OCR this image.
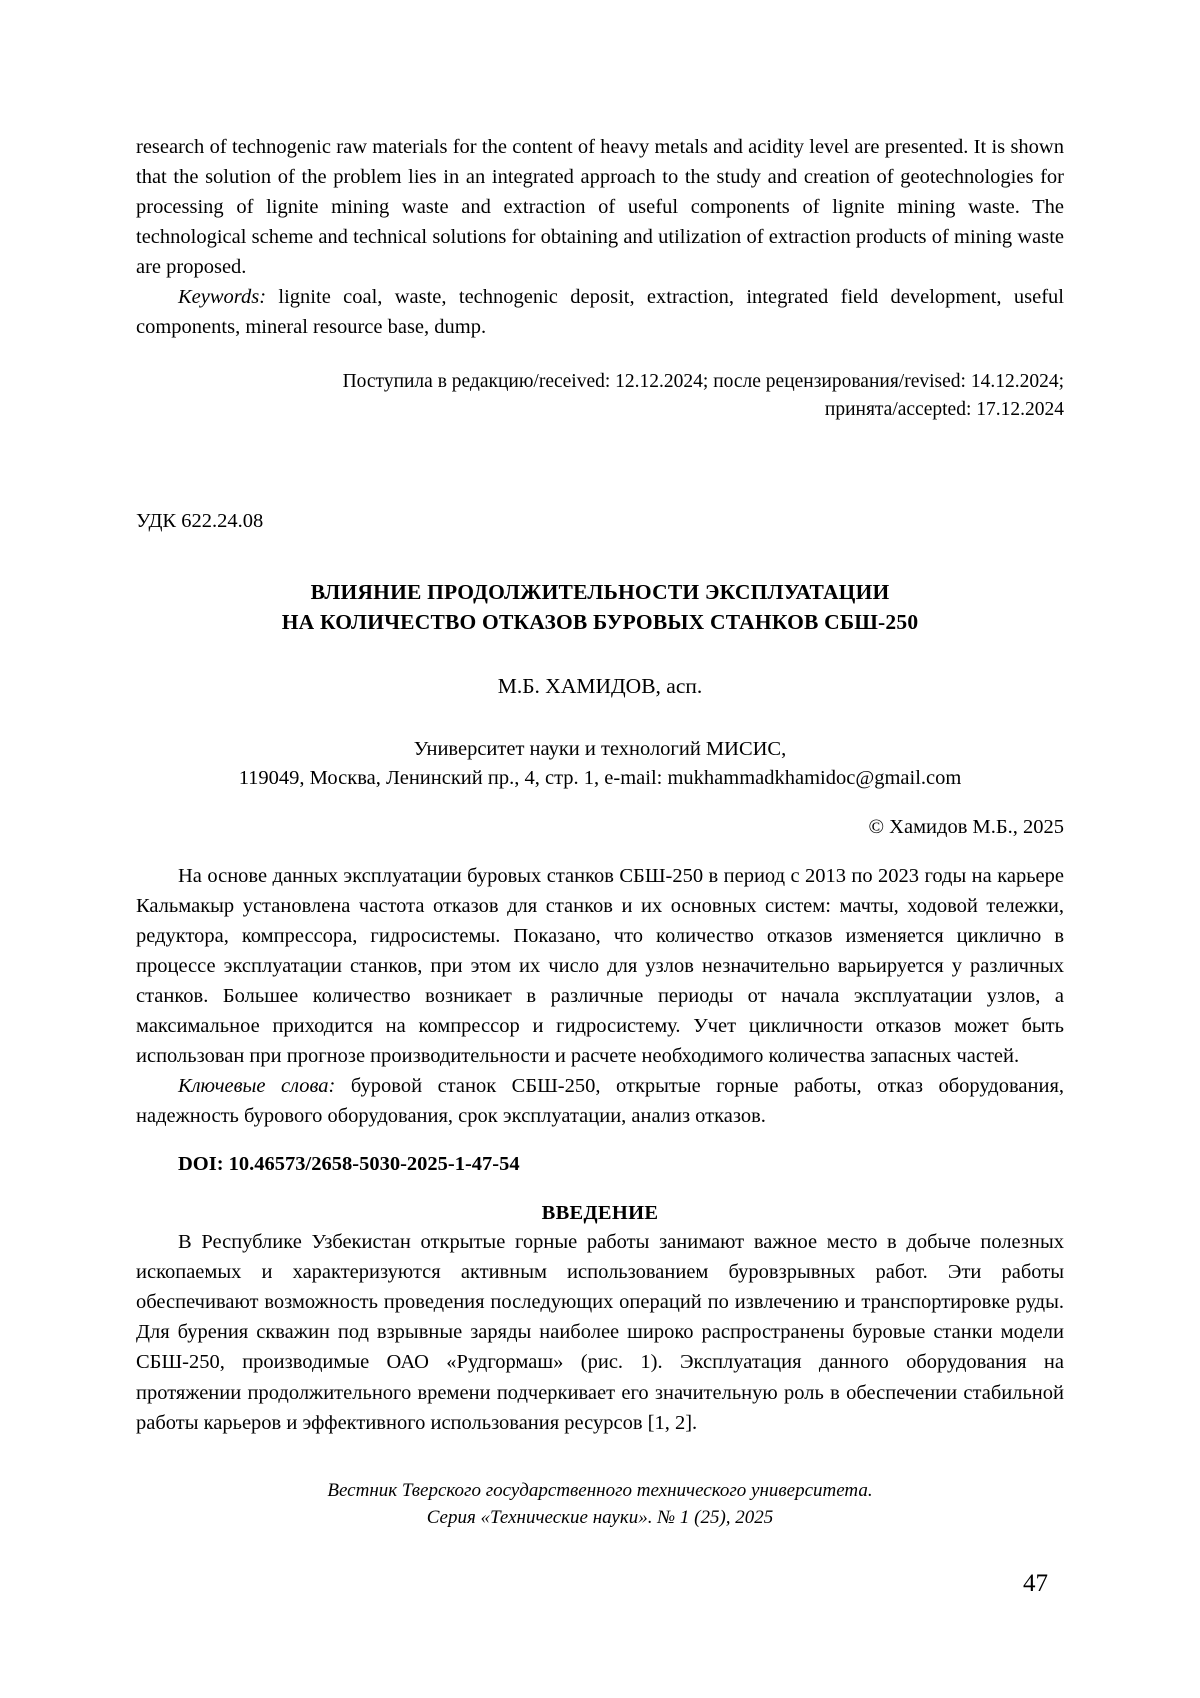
research of technogenic raw materials for the content of heavy metals and acidity level are presented. It is shown that the solution of the problem lies in an integrated approach to the study and creation of geotechnologies for processing of lignite mining waste and extraction of useful components of lignite mining waste. The technological scheme and technical solutions for obtaining and utilization of extraction products of mining waste are proposed.

Keywords: lignite coal, waste, technogenic deposit, extraction, integrated field development, useful components, mineral resource base, dump.

Поступила в редакцию/received: 12.12.2024; после рецензирования/revised: 14.12.2024;
принята/accepted: 17.12.2024
УДК 622.24.08
ВЛИЯНИЕ ПРОДОЛЖИТЕЛЬНОСТИ ЭКСПЛУАТАЦИИ
НА КОЛИЧЕСТВО ОТКАЗОВ БУРОВЫХ СТАНКОВ СБШ-250
М.Б. ХАМИДОВ, асп.
Университет науки и технологий МИСИС,
119049, Москва, Ленинский пр., 4, стр. 1, e-mail: mukhammadkhamidoc@gmail.com
© Хамидов М.Б., 2025

На основе данных эксплуатации буровых станков СБШ-250 в период с 2013 по 2023 годы на карьере Кальмакыр установлена частота отказов для станков и их основных систем: мачты, ходовой тележки, редуктора, компрессора, гидросистемы. Показано, что количество отказов изменяется циклично в процессе эксплуатации станков, при этом их число для узлов незначительно варьируется у различных станков. Большее количество возникает в различные периоды от начала эксплуатации узлов, а максимальное приходится на компрессор и гидросистему. Учет цикличности отказов может быть использован при прогнозе производительности и расчете необходимого количества запасных частей.

Ключевые слова: буровой станок СБШ-250, открытые горные работы, отказ оборудования, надежность бурового оборудования, срок эксплуатации, анализ отказов.

DOI: 10.46573/2658-5030-2025-1-47-54
ВВЕДЕНИЕ

В Республике Узбекистан открытые горные работы занимают важное место в добыче полезных ископаемых и характеризуются активным использованием буровзрывных работ. Эти работы обеспечивают возможность проведения последующих операций по извлечению и транспортировке руды. Для бурения скважин под взрывные заряды наиболее широко распространены буровые станки модели СБШ-250, производимые ОАО «Рудгормаш» (рис. 1). Эксплуатация данного оборудования на протяжении продолжительного времени подчеркивает его значительную роль в обеспечении стабильной работы карьеров и эффективного использования ресурсов [1, 2].

Вестник Тверского государственного технического университета.
Серия «Технические науки». № 1 (25), 2025
47
